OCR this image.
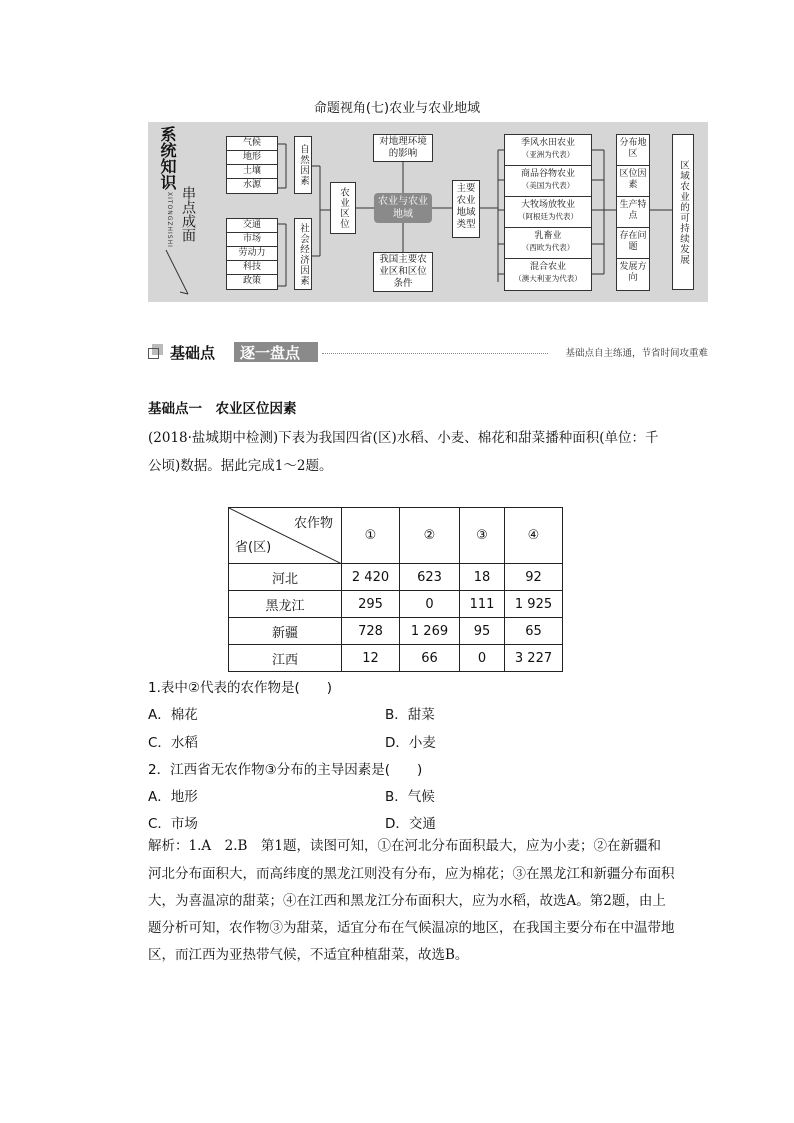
命题视角(七)农业与农业地域
系统知识
XITONGZHISHI 串点成面
气候
地形
土壤
水源	自然因素
交通
市场
劳动力
科技
政策	社会经济因素
农业区位
对地理环境的影响
农业与农业地域
我国主要农业区和区位条件
主要农业地域类型
季风水田农业
（亚洲为代表）
商品谷物农业
（美国为代表）
大牧场放牧业
（阿根廷为代表）
乳畜业
（西欧为代表）
混合农业
（澳大利亚为代表）
分布地区
区位因素
生产特点
存在问题
发展方向
区域农业的可持续发展
基础点	逐一盘点	基础点自主练通，节省时间攻重难
基础点一　农业区位因素
(2018·盐城期中检测)下表为我国四省(区)水稻、小麦、棉花和甜菜播种面积(单位：千
公顷)数据。据此完成1～2题。
农作物
省(区)	①	②	③	④
河北	2 420	623	18	92
黑龙江	295	0	111	1 925
新疆	728	1 269	95	65
江西	12	66	0	3 227
1.表中②代表的农作物是(　　)
A．棉花	B．甜菜
C．水稻	D．小麦
2．江西省无农作物③分布的主导因素是(　　)
A．地形	B．气候
C．市场	D．交通
解析：1.A　2.B　第1题，读图可知，①在河北分布面积最大，应为小麦；②在新疆和
河北分布面积大，而高纬度的黑龙江则没有分布，应为棉花；③在黑龙江和新疆分布面积
大，为喜温凉的甜菜；④在江西和黑龙江分布面积大，应为水稻，故选A。第2题，由上
题分析可知，农作物③为甜菜，适宜分布在气候温凉的地区，在我国主要分布在中温带地
区，而江西为亚热带气候，不适宜种植甜菜，故选B。
